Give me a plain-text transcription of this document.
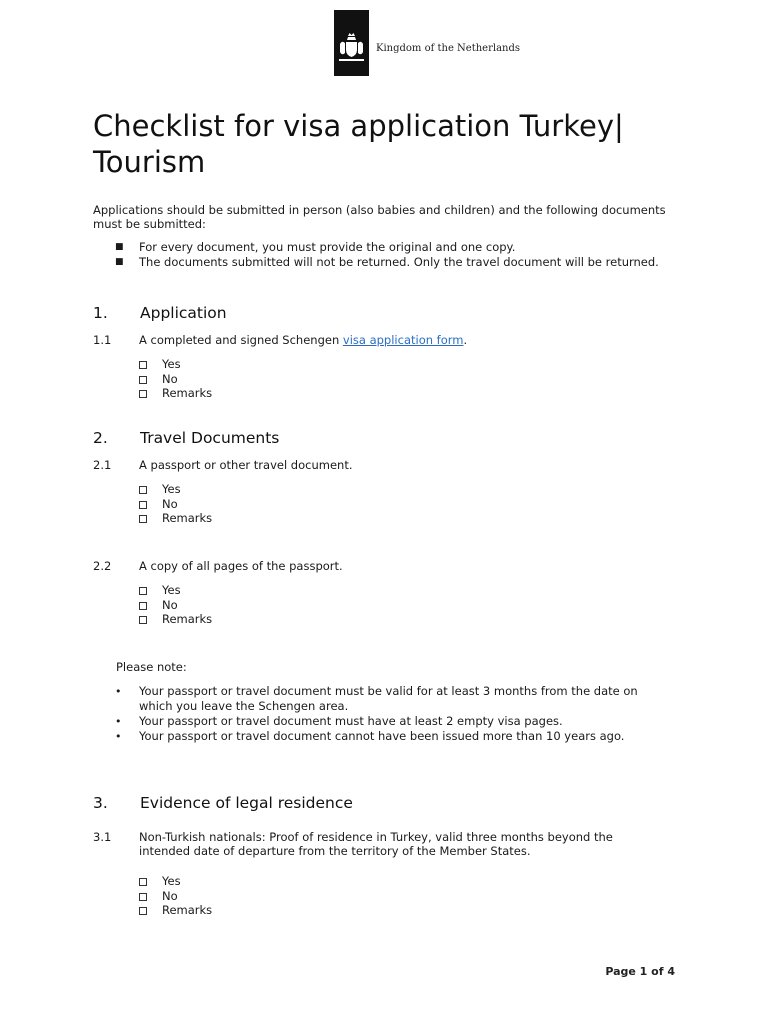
Kingdom of the Netherlands
Checklist for visa application Turkey| Tourism
Applications should be submitted in person (also babies and children) and the following documents must be submitted:
■ For every document, you must provide the original and one copy.
■ The documents submitted will not be returned. Only the travel document will be returned.
1. Application
1.1 A completed and signed Schengen visa application form.
Yes
No
Remarks
2. Travel Documents
2.1 A passport or other travel document.
Yes
No
Remarks
2.2 A copy of all pages of the passport.
Yes
No
Remarks
Please note:
• Your passport or travel document must be valid for at least 3 months from the date on which you leave the Schengen area.
• Your passport or travel document must have at least 2 empty visa pages.
• Your passport or travel document cannot have been issued more than 10 years ago.
3. Evidence of legal residence
3.1 Non-Turkish nationals: Proof of residence in Turkey, valid three months beyond the intended date of departure from the territory of the Member States.
Yes
No
Remarks
Page 1 of 4
